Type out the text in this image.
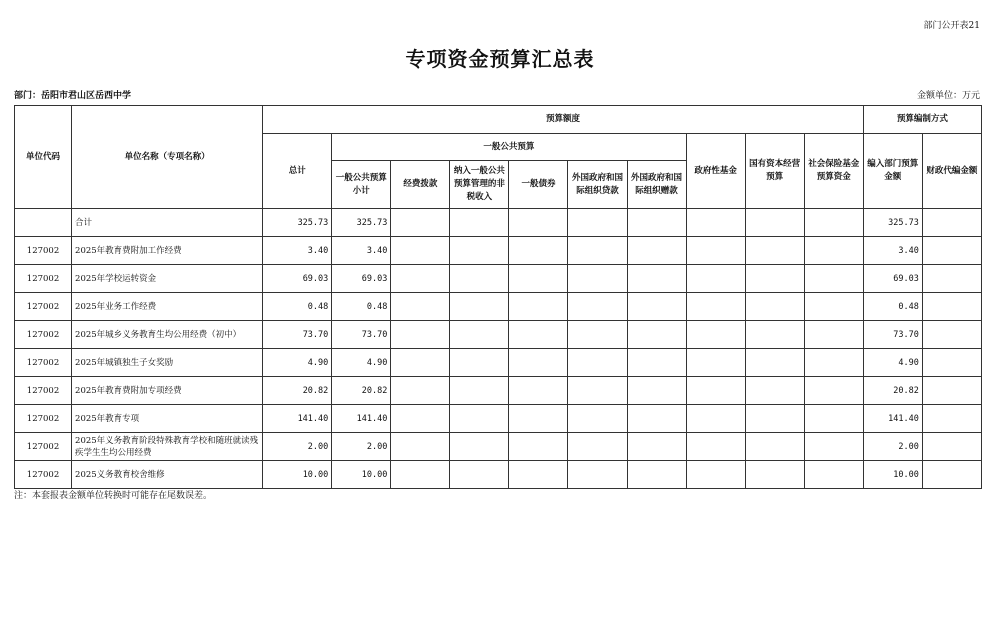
部门公开表21
专项资金预算汇总表
部门：岳阳市君山区岳西中学	金额单位：万元
单位代码	单位名称（专项名称）	预算额度										预算编制方式	
		总计	一般公共预算						政府性基金	国有资本经营预算	社会保险基金预算资金	编入部门预算金额	财政代编金额
			一般公共预算小计	经费拨款	纳入一般公共预算管理的非税收入	一般债券	外国政府和国际组织贷款	外国政府和国际组织赠款					
	合计	325.73	325.73									325.73	
127002	2025年教育费附加工作经费	3.40	3.40									3.40	
127002	2025年学校运转资金	69.03	69.03									69.03	
127002	2025年业务工作经费	0.48	0.48									0.48	
127002	2025年城乡义务教育生均公用经费（初中）	73.70	73.70									73.70	
127002	2025年城镇独生子女奖励	4.90	4.90									4.90	
127002	2025年教育费附加专项经费	20.82	20.82									20.82	
127002	2025年教育专项	141.40	141.40									141.40	
127002	2025年义务教育阶段特殊教育学校和随班就读残疾学生生均公用经费	2.00	2.00									2.00	
127002	2025义务教育校舍维修	10.00	10.00									10.00	
注：本套报表金额单位转换时可能存在尾数误差。
